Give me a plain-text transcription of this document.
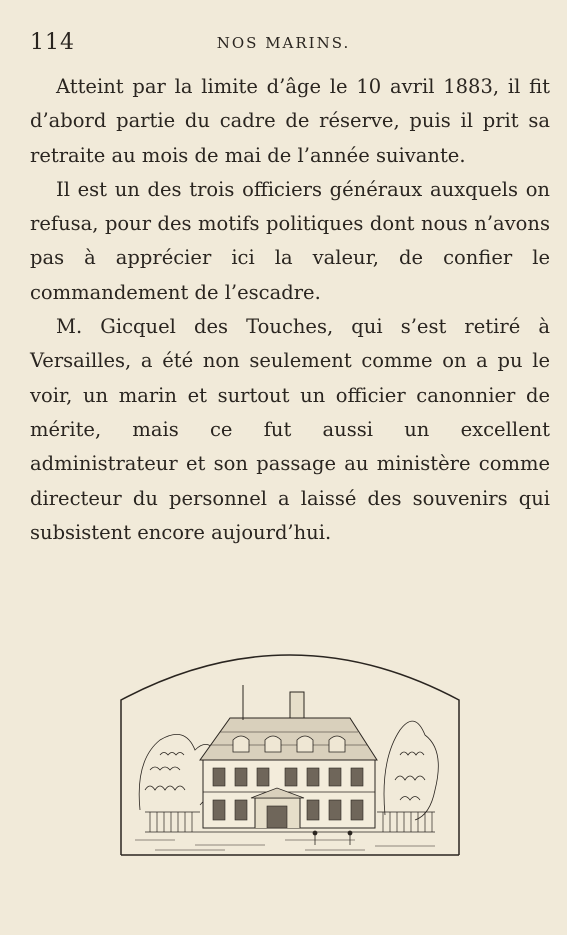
114	NOS MARINS.

Atteint par la limite d’âge le 10 avril 1883, il fit d’abord partie du cadre de réserve, puis il prit sa retraite au mois de mai de l’année suivante.

Il est un des trois officiers généraux auxquels on refusa, pour des motifs politiques dont nous n’avons pas à apprécier ici la valeur, de confier le commandement de l’escadre.

M. Gicquel des Touches, qui s’est retiré à Versailles, a été non seulement comme on a pu le voir, un marin et surtout un officier canonnier de mérite, mais ce fut aussi un excellent administrateur et son passage au ministère comme directeur du personnel a laissé des souvenirs qui subsistent encore aujourd’hui.
